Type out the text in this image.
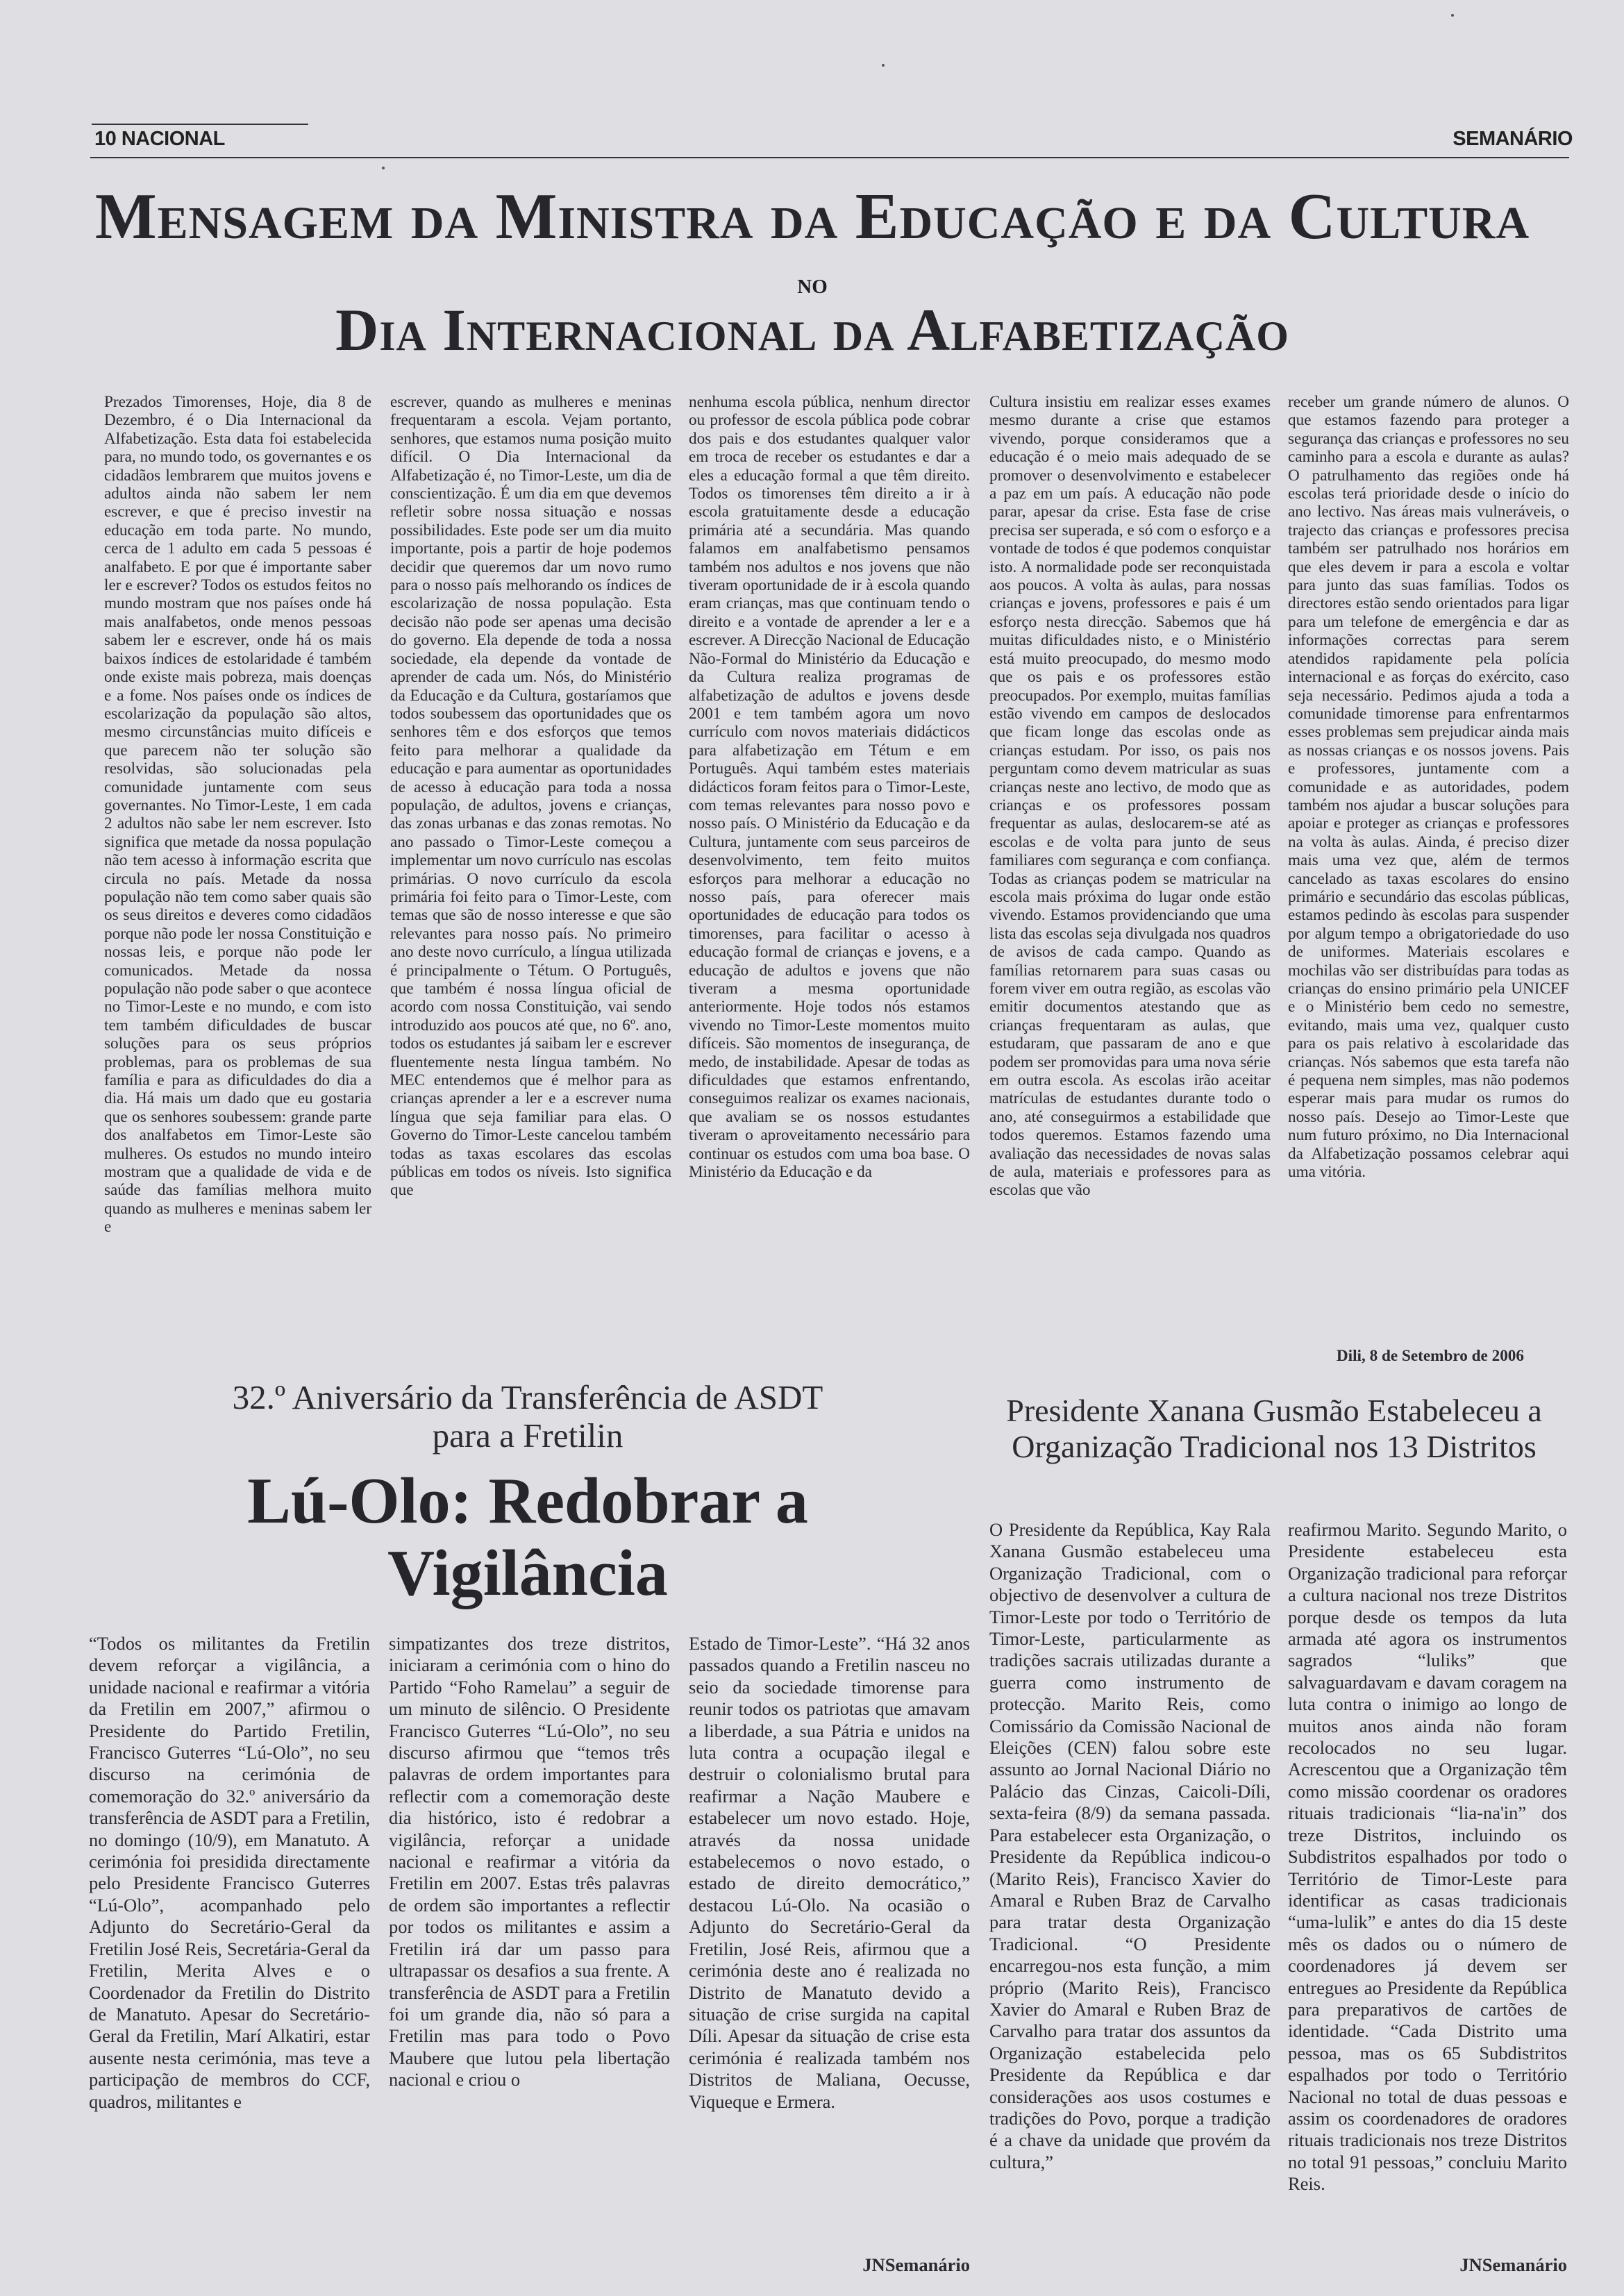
10 NACIONAL	SEMANÁRIO
Mensagem da Ministra da Educação e da Cultura
no
Dia Internacional da Alfabetização

Prezados Timorenses, Hoje, dia 8 de Dezembro, é o Dia Internacional da Alfabetização. Esta data foi estabelecida para, no mundo todo, os governantes e os cidadãos lembrarem que muitos jovens e adultos ainda não sabem ler nem escrever, e que é preciso investir na educação em toda parte. No mundo, cerca de 1 adulto em cada 5 pessoas é analfabeto. E por que é importante saber ler e escrever? Todos os estudos feitos no mundo mostram que nos países onde há mais analfabetos, onde menos pessoas sabem ler e escrever, onde há os mais baixos índices de estolaridade é também onde existe mais pobreza, mais doenças e a fome. Nos países onde os índices de escolarização da população são altos, mesmo circunstâncias muito difíceis e que parecem não ter solução são resolvidas, são solucionadas pela comunidade juntamente com seus governantes. No Timor-Leste, 1 em cada 2 adultos não sabe ler nem escrever. Isto significa que metade da nossa população não tem acesso à informação escrita que circula no país. Metade da nossa população não tem como saber quais são os seus direitos e deveres como cidadãos porque não pode ler nossa Constituição e nossas leis, e porque não pode ler comunicados. Metade da nossa população não pode saber o que acontece no Timor-Leste e no mundo, e com isto tem também dificuldades de buscar soluções para os seus próprios problemas, para os problemas de sua família e para as dificuldades do dia a dia. Há mais um dado que eu gostaria que os senhores soubessem: grande parte dos analfabetos em Timor-Leste são mulheres. Os estudos no mundo inteiro mostram que a qualidade de vida e de saúde das famílias melhora muito quando as mulheres e meninas sabem ler e

escrever, quando as mulheres e meninas frequentaram a escola. Vejam portanto, senhores, que estamos numa posição muito difícil. O Dia Internacional da Alfabetização é, no Timor-Leste, um dia de conscientização. É um dia em que devemos refletir sobre nossa situação e nossas possibilidades. Este pode ser um dia muito importante, pois a partir de hoje podemos decidir que queremos dar um novo rumo para o nosso país melhorando os índices de escolarização de nossa população. Esta decisão não pode ser apenas uma decisão do governo. Ela depende de toda a nossa sociedade, ela depende da vontade de aprender de cada um. Nós, do Ministério da Educação e da Cultura, gostaríamos que todos soubessem das oportunidades que os senhores têm e dos esforços que temos feito para melhorar a qualidade da educação e para aumentar as oportunidades de acesso à educação para toda a nossa população, de adultos, jovens e crianças, das zonas urbanas e das zonas remotas. No ano passado o Timor-Leste começou a implementar um novo currículo nas escolas primárias. O novo currículo da escola primária foi feito para o Timor-Leste, com temas que são de nosso interesse e que são relevantes para nosso país. No primeiro ano deste novo currículo, a língua utilizada é principalmente o Tétum. O Português, que também é nossa língua oficial de acordo com nossa Constituição, vai sendo introduzido aos poucos até que, no 6º. ano, todos os estudantes já saibam ler e escrever fluentemente nesta língua também. No MEC entendemos que é melhor para as crianças aprender a ler e a escrever numa língua que seja familiar para elas. O Governo do Timor-Leste cancelou também todas as taxas escolares das escolas públicas em todos os níveis. Isto significa que

nenhuma escola pública, nenhum director ou professor de escola pública pode cobrar dos pais e dos estudantes qualquer valor em troca de receber os estudantes e dar a eles a educação formal a que têm direito. Todos os timorenses têm direito a ir à escola gratuitamente desde a educação primária até a secundária. Mas quando falamos em analfabetismo pensamos também nos adultos e nos jovens que não tiveram oportunidade de ir à escola quando eram crianças, mas que continuam tendo o direito e a vontade de aprender a ler e a escrever. A Direcção Nacional de Educação Não-Formal do Ministério da Educação e da Cultura realiza programas de alfabetização de adultos e jovens desde 2001 e tem também agora um novo currículo com novos materiais didácticos para alfabetização em Tétum e em Português. Aqui também estes materiais didácticos foram feitos para o Timor-Leste, com temas relevantes para nosso povo e nosso país. O Ministério da Educação e da Cultura, juntamente com seus parceiros de desenvolvimento, tem feito muitos esforços para melhorar a educação no nosso país, para oferecer mais oportunidades de educação para todos os timorenses, para facilitar o acesso à educação formal de crianças e jovens, e a educação de adultos e jovens que não tiveram a mesma oportunidade anteriormente. Hoje todos nós estamos vivendo no Timor-Leste momentos muito difíceis. São momentos de insegurança, de medo, de instabilidade. Apesar de todas as dificuldades que estamos enfrentando, conseguimos realizar os exames nacionais, que avaliam se os nossos estudantes tiveram o aproveitamento necessário para continuar os estudos com uma boa base. O Ministério da Educação e da

Cultura insistiu em realizar esses exames mesmo durante a crise que estamos vivendo, porque consideramos que a educação é o meio mais adequado de se promover o desenvolvimento e estabelecer a paz em um país. A educação não pode parar, apesar da crise. Esta fase de crise precisa ser superada, e só com o esforço e a vontade de todos é que podemos conquistar isto. A normalidade pode ser reconquistada aos poucos. A volta às aulas, para nossas crianças e jovens, professores e pais é um esforço nesta direcção. Sabemos que há muitas dificuldades nisto, e o Ministério está muito preocupado, do mesmo modo que os pais e os professores estão preocupados. Por exemplo, muitas famílias estão vivendo em campos de deslocados que ficam longe das escolas onde as crianças estudam. Por isso, os pais nos perguntam como devem matricular as suas crianças neste ano lectivo, de modo que as crianças e os professores possam frequentar as aulas, deslocarem-se até as escolas e de volta para junto de seus familiares com segurança e com confiança. Todas as crianças podem se matricular na escola mais próxima do lugar onde estão vivendo. Estamos providenciando que uma lista das escolas seja divulgada nos quadros de avisos de cada campo. Quando as famílias retornarem para suas casas ou forem viver em outra região, as escolas vão emitir documentos atestando que as crianças frequentaram as aulas, que estudaram, que passaram de ano e que podem ser promovidas para uma nova série em outra escola. As escolas irão aceitar matrículas de estudantes durante todo o ano, até conseguirmos a estabilidade que todos queremos. Estamos fazendo uma avaliação das necessidades de novas salas de aula, materiais e professores para as escolas que vão

receber um grande número de alunos. O que estamos fazendo para proteger a segurança das crianças e professores no seu caminho para a escola e durante as aulas? O patrulhamento das regiões onde há escolas terá prioridade desde o início do ano lectivo. Nas áreas mais vulneráveis, o trajecto das crianças e professores precisa também ser patrulhado nos horários em que eles devem ir para a escola e voltar para junto das suas famílias. Todos os directores estão sendo orientados para ligar para um telefone de emergência e dar as informações correctas para serem atendidos rapidamente pela polícia internacional e as forças do exército, caso seja necessário. Pedimos ajuda a toda a comunidade timorense para enfrentarmos esses problemas sem prejudicar ainda mais as nossas crianças e os nossos jovens. Pais e professores, juntamente com a comunidade e as autoridades, podem também nos ajudar a buscar soluções para apoiar e proteger as crianças e professores na volta às aulas. Ainda, é preciso dizer mais uma vez que, além de termos cancelado as taxas escolares do ensino primário e secundário das escolas públicas, estamos pedindo às escolas para suspender por algum tempo a obrigatoriedade do uso de uniformes. Materiais escolares e mochilas vão ser distribuídas para todas as crianças do ensino primário pela UNICEF e o Ministério bem cedo no semestre, evitando, mais uma vez, qualquer custo para os pais relativo à escolaridade das crianças. Nós sabemos que esta tarefa não é pequena nem simples, mas não podemos esperar mais para mudar os rumos do nosso país. Desejo ao Timor-Leste que num futuro próximo, no Dia Internacional da Alfabetização possamos celebrar aqui uma vitória.

Dili, 8 de Setembro de 2006
32.º Aniversário da Transferência de ASDT
para a Fretilin
Lú-Olo: Redobrar a
Vigilância

“Todos os militantes da Fretilin devem reforçar a vigilância, a unidade nacional e reafirmar a vitória da Fretilin em 2007,” afirmou o Presidente do Partido Fretilin, Francisco Guterres “Lú-Olo”, no seu discurso na cerimónia de comemoração do 32.º aniversário da transferência de ASDT para a Fretilin, no domingo (10/9), em Manatuto. A cerimónia foi presidida directamente pelo Presidente Francisco Guterres “Lú-Olo”, acompanhado pelo Adjunto do Secretário-Geral da Fretilin José Reis, Secretária-Geral da Fretilin, Merita Alves e o Coordenador da Fretilin do Distrito de Manatuto. Apesar do Secretário-Geral da Fretilin, Marí Alkatiri, estar ausente nesta cerimónia, mas teve a participação de membros do CCF, quadros, militantes e

simpatizantes dos treze distritos, iniciaram a cerimónia com o hino do Partido “Foho Ramelau” a seguir de um minuto de silêncio. O Presidente Francisco Guterres “Lú-Olo”, no seu discurso afirmou que “temos três palavras de ordem importantes para reflectir com a comemoração deste dia histórico, isto é redobrar a vigilância, reforçar a unidade nacional e reafirmar a vitória da Fretilin em 2007. Estas três palavras de ordem são importantes a reflectir por todos os militantes e assim a Fretilin irá dar um passo para ultrapassar os desafios a sua frente. A transferência de ASDT para a Fretilin foi um grande dia, não só para a Fretilin mas para todo o Povo Maubere que lutou pela libertação nacional e criou o

Estado de Timor-Leste”. “Há 32 anos passados quando a Fretilin nasceu no seio da sociedade timorense para reunir todos os patriotas que amavam a liberdade, a sua Pátria e unidos na luta contra a ocupação ilegal e destruir o colonialismo brutal para reafirmar a Nação Maubere e estabelecer um novo estado. Hoje, através da nossa unidade estabelecemos o novo estado, o estado de direito democrático,” destacou Lú-Olo. Na ocasião o Adjunto do Secretário-Geral da Fretilin, José Reis, afirmou que a cerimónia deste ano é realizada no Distrito de Manatuto devido a situação de crise surgida na capital Díli. Apesar da situação de crise esta cerimónia é realizada também nos Distritos de Maliana, Oecusse, Viqueque e Ermera.

JNSemanário
Presidente Xanana Gusmão Estabeleceu a Organização Tradicional nos 13 Distritos

O Presidente da República, Kay Rala Xanana Gusmão estabeleceu uma Organização Tradicional, com o objectivo de desenvolver a cultura de Timor-Leste por todo o Território de Timor-Leste, particularmente as tradições sacrais utilizadas durante a guerra como instrumento de protecção. Marito Reis, como Comissário da Comissão Nacional de Eleições (CEN) falou sobre este assunto ao Jornal Nacional Diário no Palácio das Cinzas, Caicoli-Díli, sexta-feira (8/9) da semana passada. Para estabelecer esta Organização, o Presidente da República indicou-o (Marito Reis), Francisco Xavier do Amaral e Ruben Braz de Carvalho para tratar desta Organização Tradicional. “O Presidente encarregou-nos esta função, a mim próprio (Marito Reis), Francisco Xavier do Amaral e Ruben Braz de Carvalho para tratar dos assuntos da Organização estabelecida pelo Presidente da República e dar considerações aos usos costumes e tradições do Povo, porque a tradição é a chave da unidade que provém da cultura,”

reafirmou Marito. Segundo Marito, o Presidente estabeleceu esta Organização tradicional para reforçar a cultura nacional nos treze Distritos porque desde os tempos da luta armada até agora os instrumentos sagrados “luliks” que salvaguardavam e davam coragem na luta contra o inimigo ao longo de muitos anos ainda não foram recolocados no seu lugar. Acrescentou que a Organização têm como missão coordenar os oradores rituais tradicionais “lia-na'in” dos treze Distritos, incluindo os Subdistritos espalhados por todo o Território de Timor-Leste para identificar as casas tradicionais “uma-lulik” e antes do dia 15 deste mês os dados ou o número de coordenadores já devem ser entregues ao Presidente da República para preparativos de cartões de identidade. “Cada Distrito uma pessoa, mas os 65 Subdistritos espalhados por todo o Território Nacional no total de duas pessoas e assim os coordenadores de oradores rituais tradicionais nos treze Distritos no total 91 pessoas,” concluiu Marito Reis.

JNSemanário
